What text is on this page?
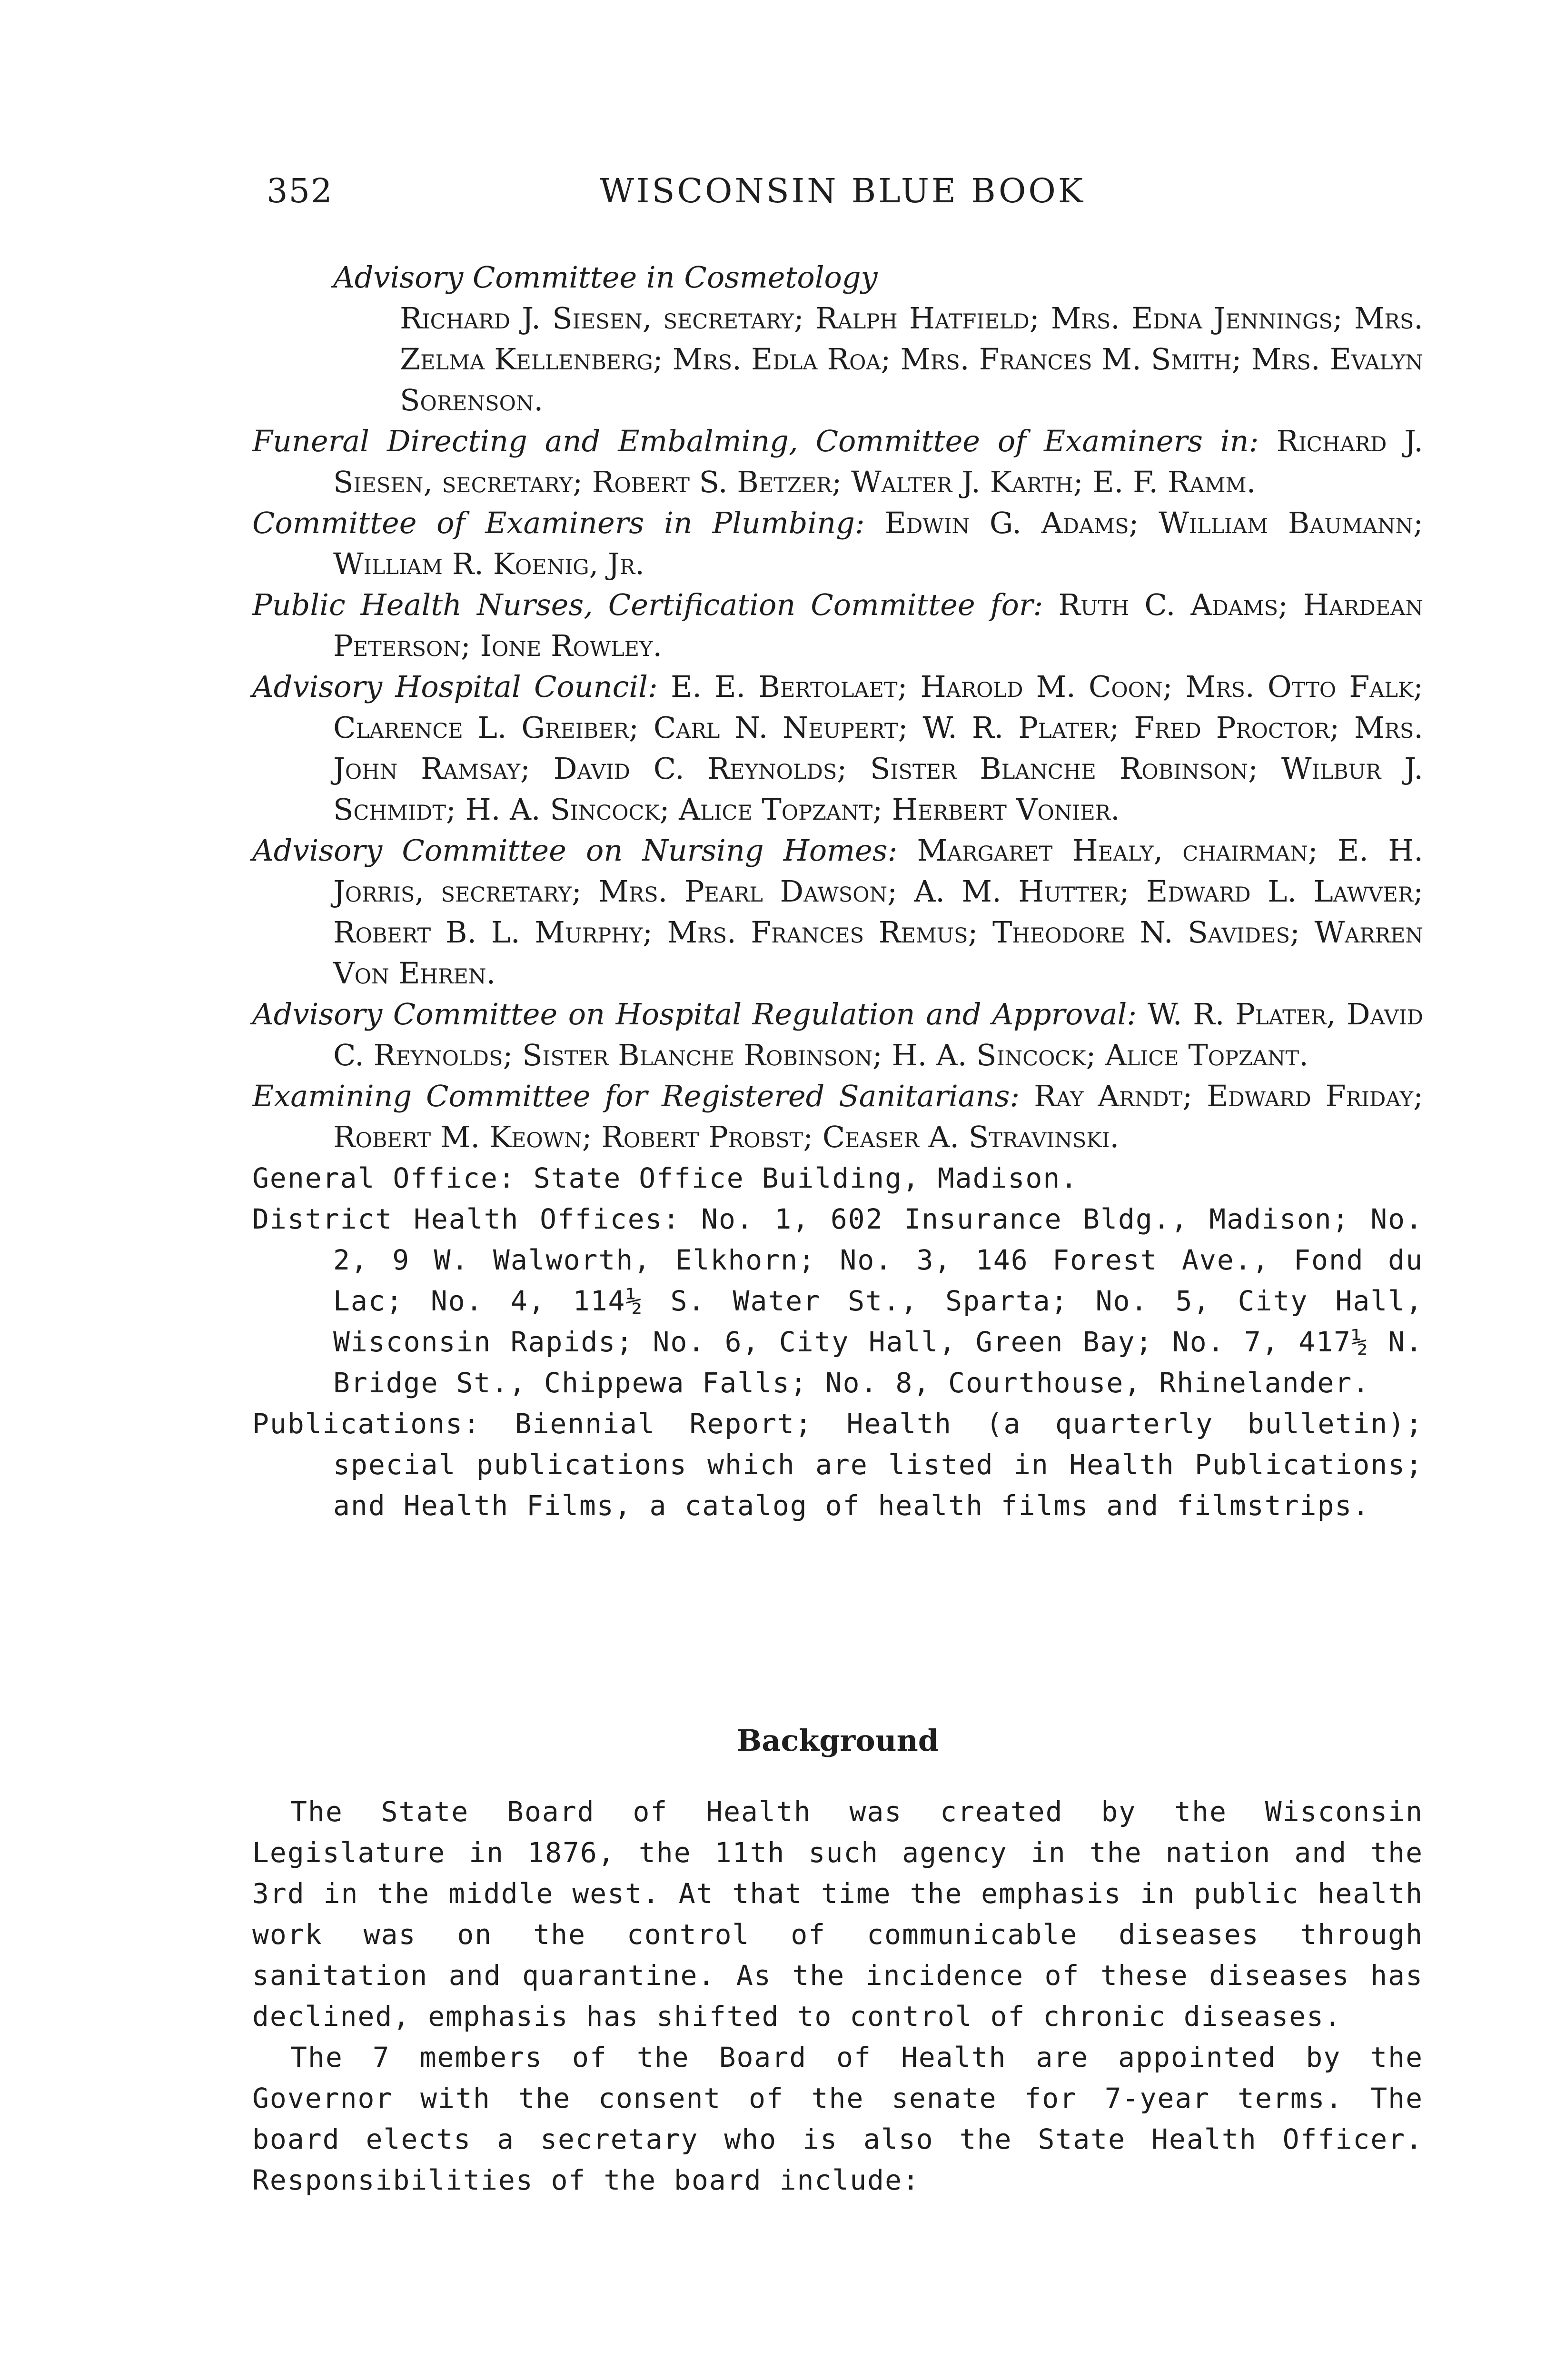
352	WISCONSIN BLUE BOOK

Advisory Committee in Cosmetology
Richard J. Siesen, secretary; Ralph Hatfield; Mrs. Edna Jennings; Mrs. Zelma Kellenberg; Mrs. Edla Roa; Mrs. Frances M. Smith; Mrs. Evalyn Sorenson.

Funeral Directing and Embalming, Committee of Examiners in: Richard J. Siesen, secretary; Robert S. Betzer; Walter J. Karth; E. F. Ramm.

Committee of Examiners in Plumbing: Edwin G. Adams; William Baumann; William R. Koenig, Jr.

Public Health Nurses, Certification Committee for: Ruth C. Adams; Hardean Peterson; Ione Rowley.

Advisory Hospital Council: E. E. Bertolaet; Harold M. Coon; Mrs. Otto Falk; Clarence L. Greiber; Carl N. Neupert; W. R. Plater; Fred Proctor; Mrs. John Ramsay; David C. Reynolds; Sister Blanche Robinson; Wilbur J. Schmidt; H. A. Sincock; Alice Topzant; Herbert Vonier.

Advisory Committee on Nursing Homes: Margaret Healy, chairman; E. H. Jorris, secretary; Mrs. Pearl Dawson; A. M. Hutter; Edward L. Lawver; Robert B. L. Murphy; Mrs. Frances Remus; Theodore N. Savides; Warren Von Ehren.

Advisory Committee on Hospital Regulation and Approval: W. R. Plater, David C. Reynolds; Sister Blanche Robinson; H. A. Sincock; Alice Topzant.

Examining Committee for Registered Sanitarians: Ray Arndt; Edward Friday; Robert M. Keown; Robert Probst; Ceaser A. Stravinski.

General Office: State Office Building, Madison.

District Health Offices: No. 1, 602 Insurance Bldg., Madison; No. 2, 9 W. Walworth, Elkhorn; No. 3, 146 Forest Ave., Fond du Lac; No. 4, 114½ S. Water St., Sparta; No. 5, City Hall, Wisconsin Rapids; No. 6, City Hall, Green Bay; No. 7, 417½ N. Bridge St., Chippewa Falls; No. 8, Courthouse, Rhinelander.

Publications: Biennial Report; Health (a quarterly bulletin); special publications which are listed in Health Publications; and Health Films, a catalog of health films and filmstrips.

Background

The State Board of Health was created by the Wisconsin Legislature in 1876, the 11th such agency in the nation and the 3rd in the middle west. At that time the emphasis in public health work was on the control of communicable diseases through sanitation and quarantine. As the incidence of these diseases has declined, emphasis has shifted to control of chronic diseases.

The 7 members of the Board of Health are appointed by the Governor with the consent of the senate for 7-year terms. The board elects a secretary who is also the State Health Officer. Responsibilities of the board include:
